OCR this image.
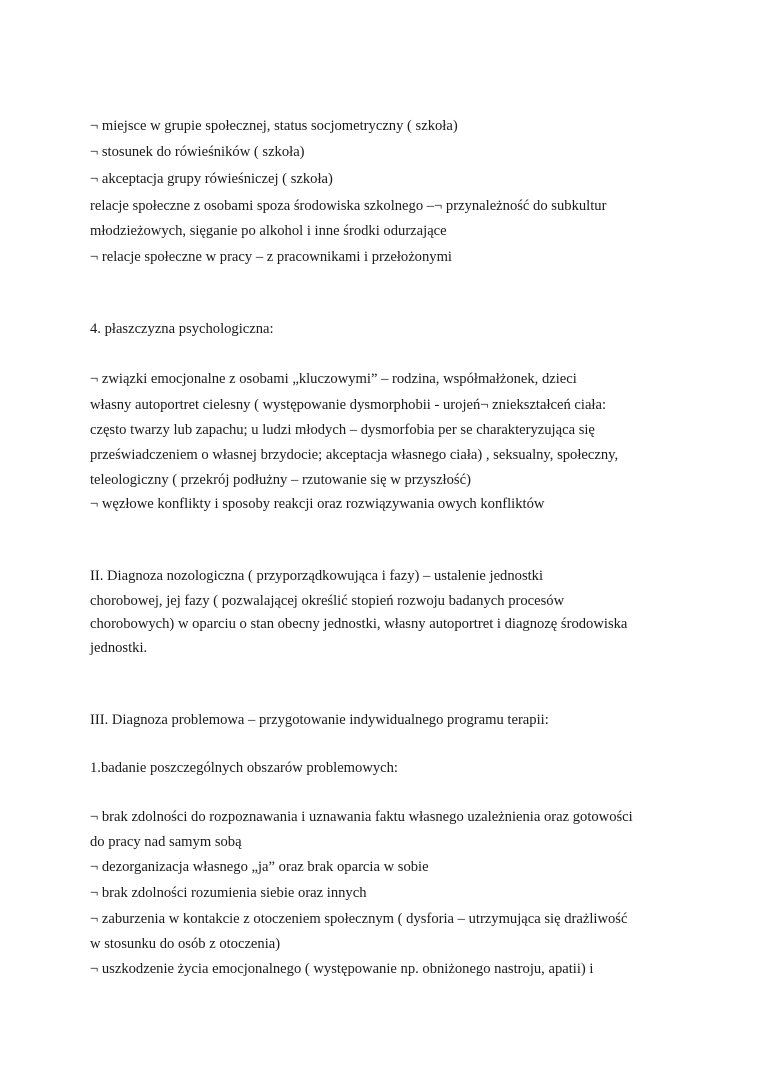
¬ miejsce w grupie społecznej, status socjometryczny ( szkoła)
¬ stosunek do rówieśników ( szkoła)
¬ akceptacja grupy rówieśniczej ( szkoła)
relacje społeczne z osobami spoza środowiska szkolnego –¬ przynależność do subkultur
młodzieżowych, sięganie po alkohol i inne środki odurzające
¬ relacje społeczne w pracy – z pracownikami i przełożonymi
4. płaszczyzna psychologiczna:
¬ związki emocjonalne z osobami „kluczowymi” – rodzina, współmałżonek, dzieci
własny autoportret cielesny ( występowanie dysmorphobii - urojeń¬ zniekształceń ciała:
często twarzy lub zapachu; u ludzi młodych – dysmorfobia per se charakteryzująca się
przeświadczeniem o własnej brzydocie; akceptacja własnego ciała) , seksualny, społeczny,
teleologiczny ( przekrój podłużny – rzutowanie się w przyszłość)
¬ węzłowe konflikty i sposoby reakcji oraz rozwiązywania owych konfliktów
II. Diagnoza nozologiczna ( przyporządkowująca i fazy) – ustalenie jednostki
chorobowej, jej fazy ( pozwalającej określić stopień rozwoju badanych procesów
chorobowych) w oparciu o stan obecny jednostki, własny autoportret i diagnozę środowiska
jednostki.
III. Diagnoza problemowa – przygotowanie indywidualnego programu terapii:
1.badanie poszczególnych obszarów problemowych:
¬ brak zdolności do rozpoznawania i uznawania faktu własnego uzależnienia oraz gotowości
do pracy nad samym sobą
¬ dezorganizacja własnego „ja” oraz brak oparcia w sobie
¬ brak zdolności rozumienia siebie oraz innych
¬ zaburzenia w kontakcie z otoczeniem społecznym ( dysforia – utrzymująca się drażliwość
w stosunku do osób z otoczenia)
¬ uszkodzenie życia emocjonalnego ( występowanie np. obniżonego nastroju, apatii) i
